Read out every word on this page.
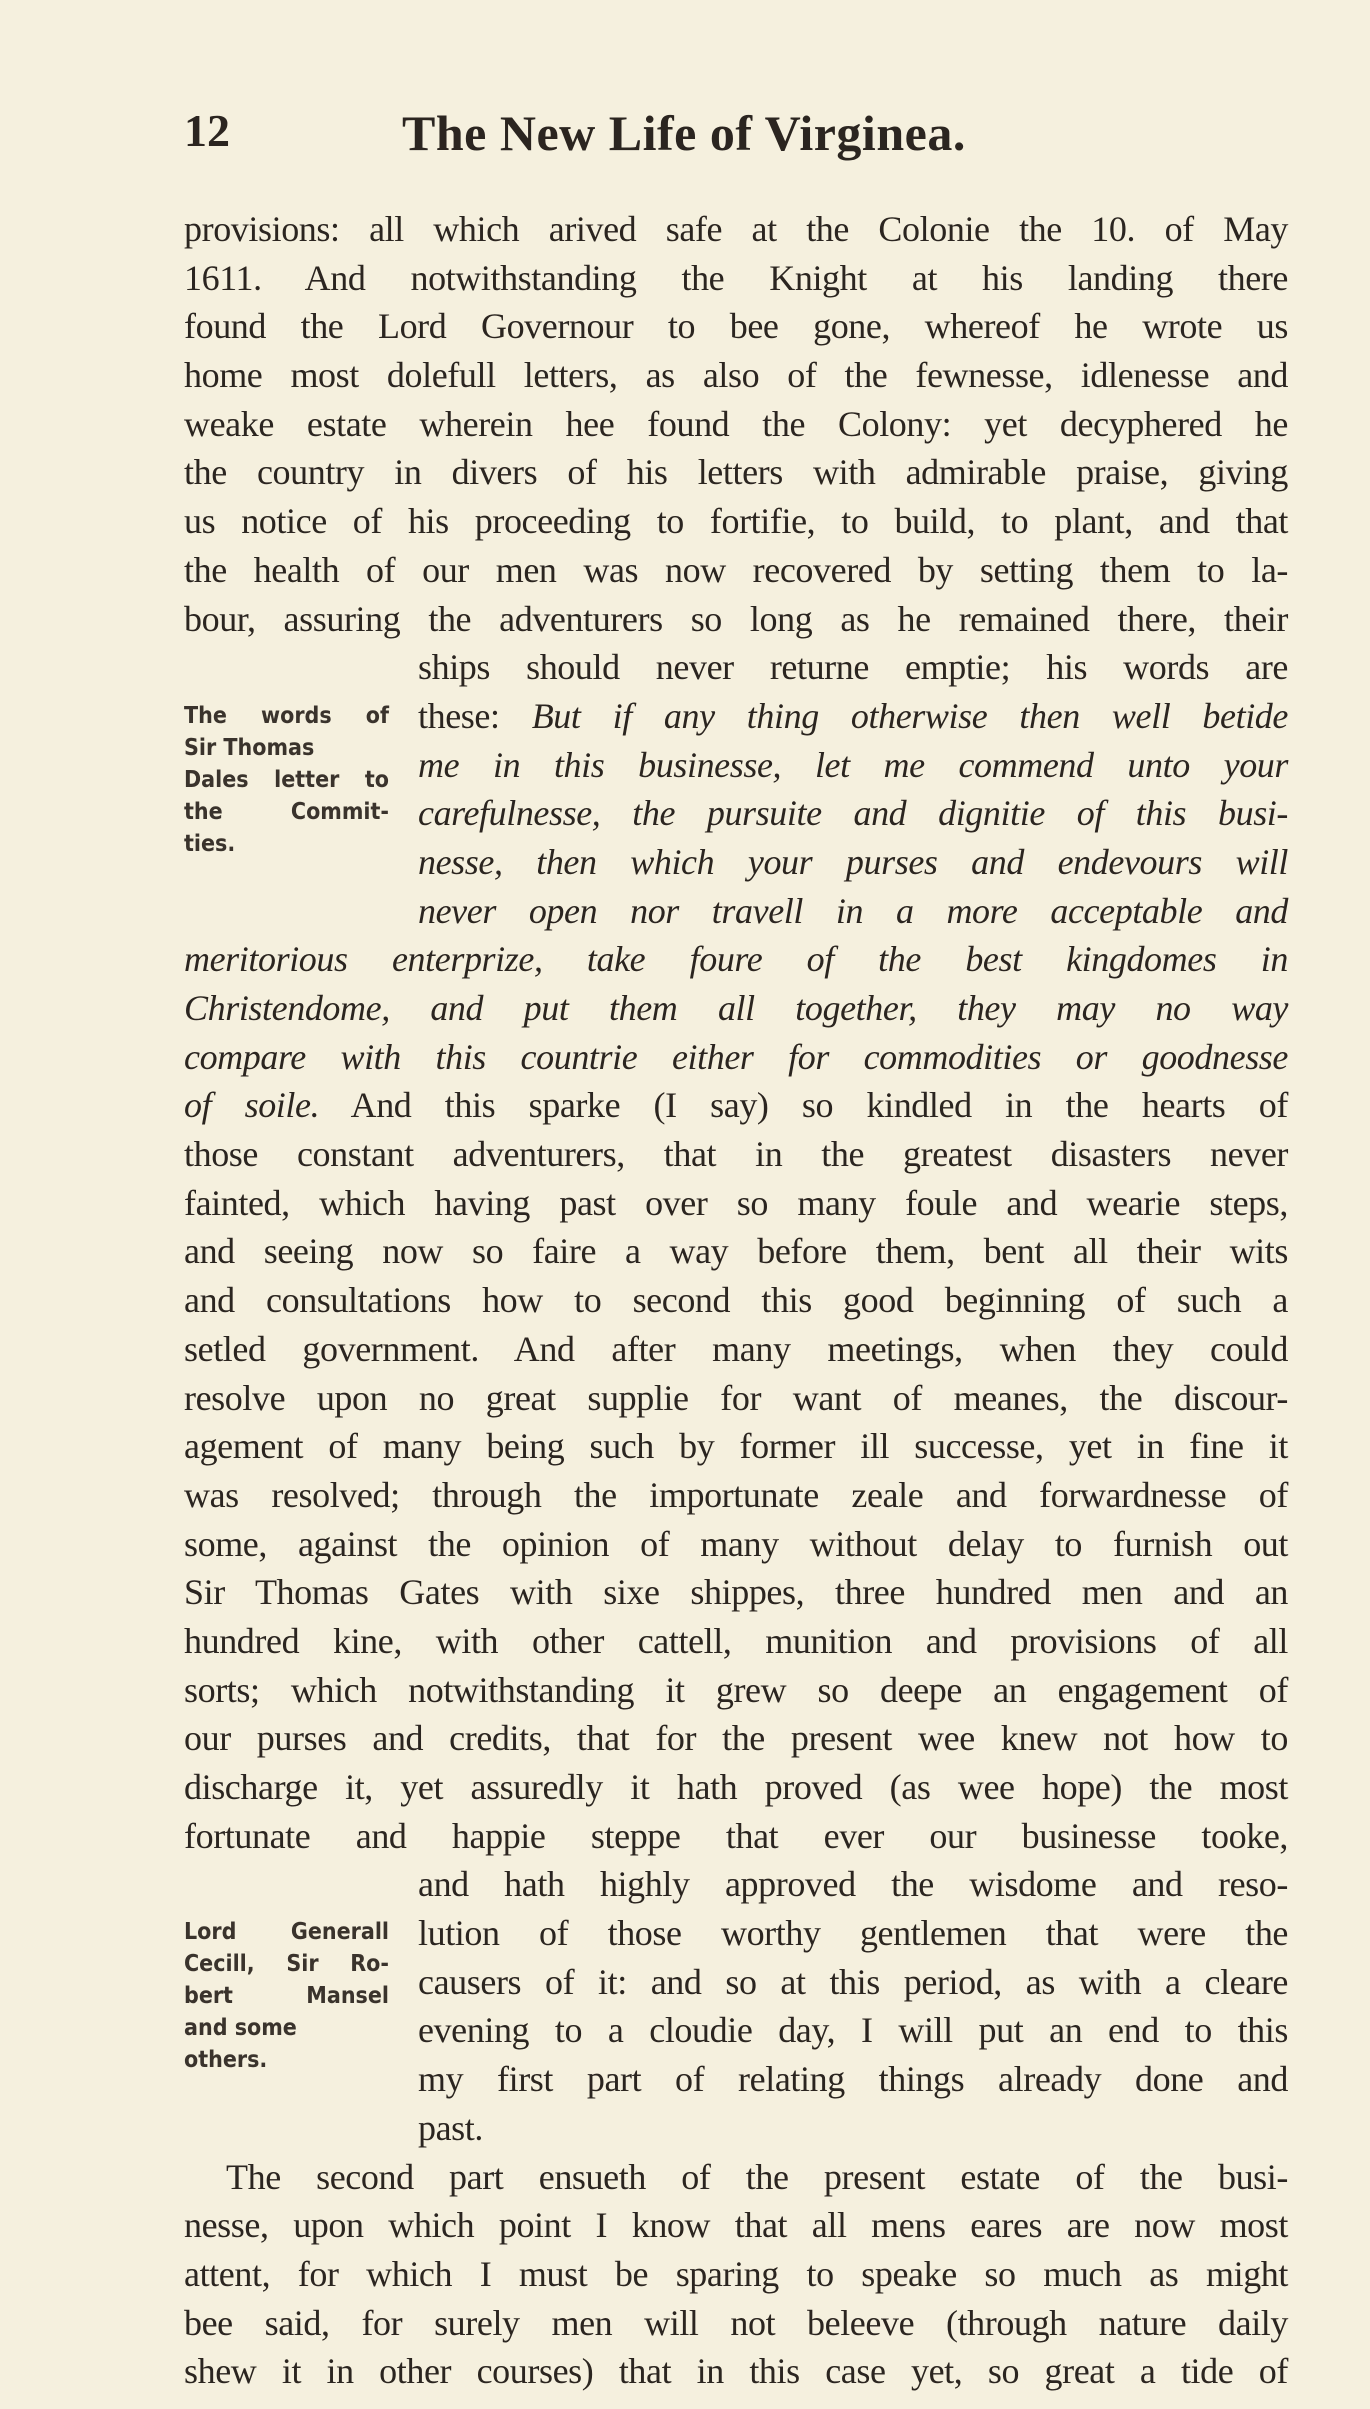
12	The New Life of Virginea.
provisions: all which arived safe at the Colonie the 10. of May
1611. And notwithstanding the Knight at his landing there
found the Lord Governour to bee gone, whereof he wrote us
home most dolefull letters, as also of the fewnesse, idlenesse and
weake estate wherein hee found the Colony: yet decyphered he
the country in divers of his letters with admirable praise, giving
us notice of his proceeding to fortifie, to build, to plant, and that
the health of our men was now recovered by setting them to la-
bour, assuring the adventurers so long as he remained there, their
ships should never returne emptie; his words are
these: But if any thing otherwise then well betide
me in this businesse, let me commend unto your
carefulnesse, the pursuite and dignitie of this busi-
nesse, then which your purses and endevours will
never open nor travell in a more acceptable and
meritorious enterprize, take foure of the best kingdomes in
Christendome, and put them all together, they may no way
compare with this countrie either for commodities or goodnesse
of soile. And this sparke (I say) so kindled in the hearts of
those constant adventurers, that in the greatest disasters never
fainted, which having past over so many foule and wearie steps,
and seeing now so faire a way before them, bent all their wits
and consultations how to second this good beginning of such a
setled government. And after many meetings, when they could
resolve upon no great supplie for want of meanes, the discour-
agement of many being such by former ill successe, yet in fine it
was resolved; through the importunate zeale and forwardnesse of
some, against the opinion of many without delay to furnish out
Sir Thomas Gates with sixe shippes, three hundred men and an
hundred kine, with other cattell, munition and provisions of all
sorts; which notwithstanding it grew so deepe an engagement of
our purses and credits, that for the present wee knew not how to
discharge it, yet assuredly it hath proved (as wee hope) the most
fortunate and happie steppe that ever our businesse tooke,
and hath highly approved the wisdome and reso-
lution of those worthy gentlemen that were the
causers of it: and so at this period, as with a cleare
evening to a cloudie day, I will put an end to this
my first part of relating things already done and
past.
The second part ensueth of the present estate of the busi-
nesse, upon which point I know that all mens eares are now most
attent, for which I must be sparing to speake so much as might
bee said, for surely men will not beleeve (through nature daily
shew it in other courses) that in this case yet, so great a tide of
The words of
Sir Thomas
Dales letter to
the Commit-
ties.
Lord Generall
Cecill, Sir Ro-
bert Mansel
and some
others.
